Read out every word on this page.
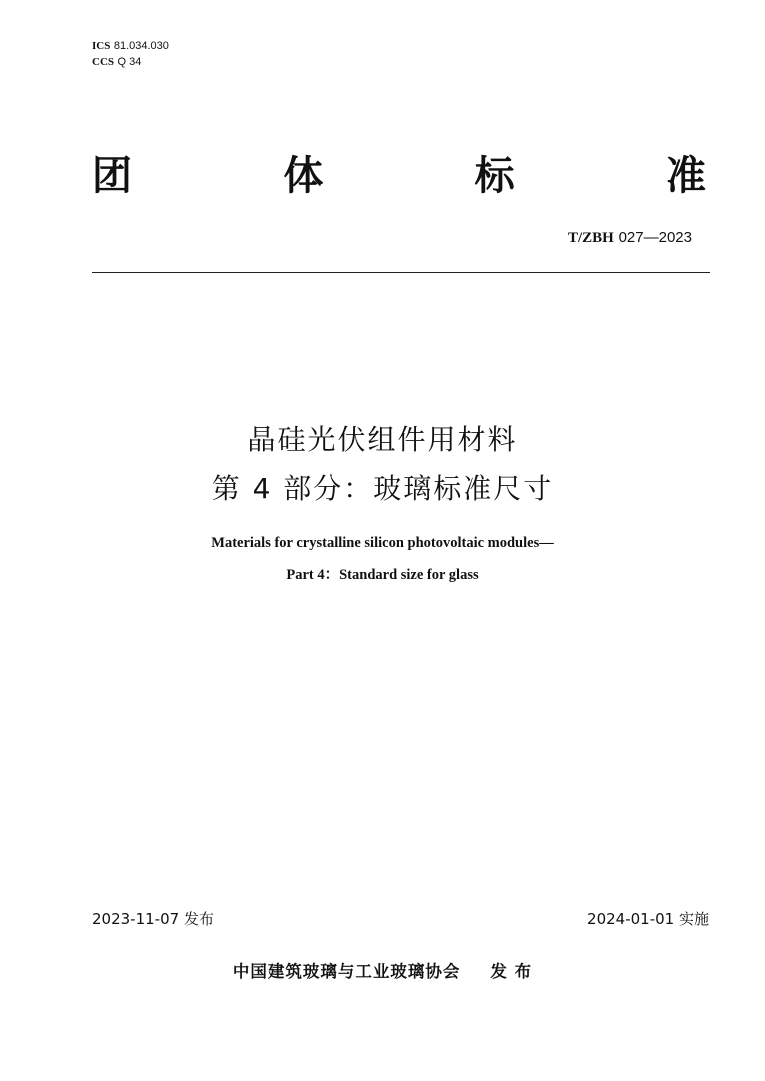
ICS 81.034.030
CCS Q 34
团	体	标	准
T/ZBH 027—2023
晶硅光伏组件用材料
第 4 部分：玻璃标准尺寸
Materials for crystalline silicon photovoltaic modules—
Part 4：Standard size for glass
2023-11-07 发布	2024-01-01 实施
中国建筑玻璃与工业玻璃协会 发 布
